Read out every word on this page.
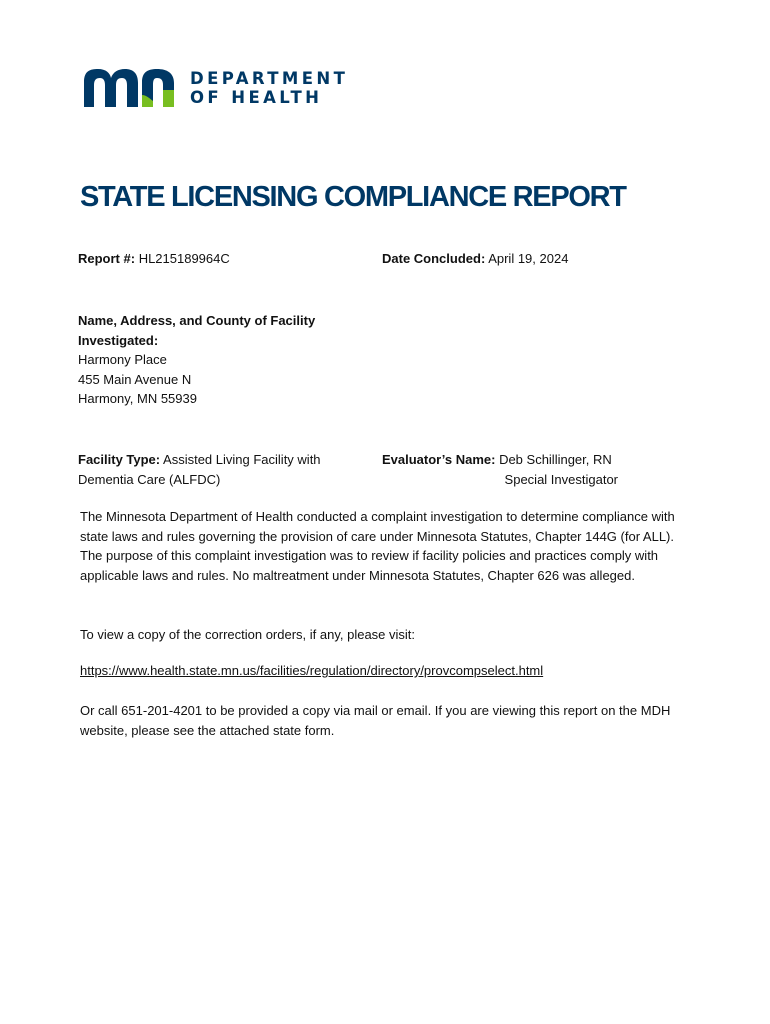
DEPARTMENT
OF HEALTH
STATE LICENSING COMPLIANCE REPORT
Report #: HL215189964C	Date Concluded: April 19, 2024
Name, Address, and County of Facility Investigated:
Harmony Place
455 Main Avenue N
Harmony, MN 55939
Facility Type: Assisted Living Facility with Dementia Care (ALFDC)
Evaluator’s Name: Deb Schillinger, RN
Special Investigator

The Minnesota Department of Health conducted a complaint investigation to determine compliance with state laws and rules governing the provision of care under Minnesota Statutes, Chapter 144G (for ALL). The purpose of this complaint investigation was to review if facility policies and practices comply with applicable laws and rules. No maltreatment under Minnesota Statutes, Chapter 626 was alleged.

To view a copy of the correction orders, if any, please visit:

https://www.health.state.mn.us/facilities/regulation/directory/provcompselect.html

Or call 651-201-4201 to be provided a copy via mail or email. If you are viewing this report on the MDH website, please see the attached state form.
